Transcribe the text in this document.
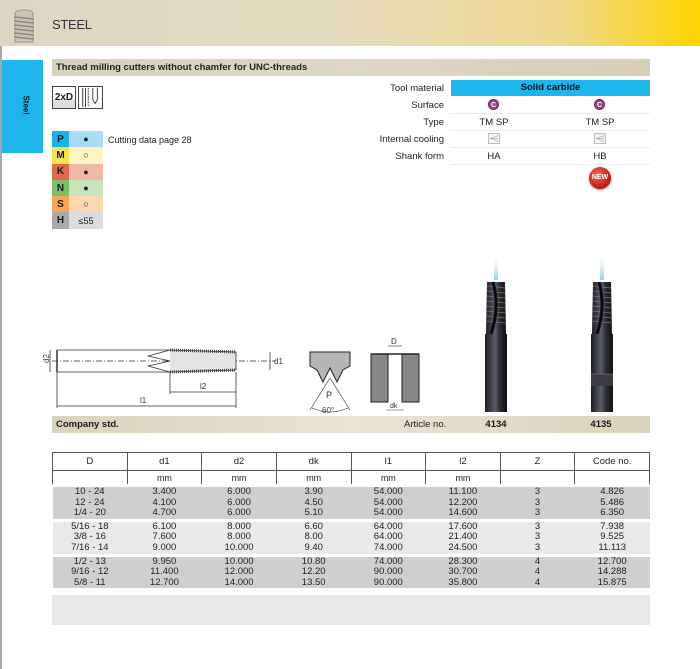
STEEL
Steel
Thread milling cutters without chamfer for UNC-threads
2xD
P	●
M	○
K	●
N	●
S	○
H	≤55
Cutting data page 28
Tool material	Solid carbide
Surface	C	C
Type	TM SP	TM SP
Internal cooling
Shank form	HA	HB
NEW
d2	d1
l2
l1
P
60°
D
dk
Company std.	Article no.	4134	4135
D	d1	d2	dk	l1	l2	Z	Code no.
	mm	mm	mm	mm	mm		
10 - 24	3.400	6.000	3.90	54.000	11.100	3	4.826
12 - 24	4.100	6.000	4.50	54.000	12.200	3	5.486
1/4 - 20	4.700	6.000	5.10	54.000	14.600	3	6.350
5/16 - 18	6.100	8.000	6.60	64.000	17.600	3	7.938
3/8 - 16	7.600	8.000	8.00	64.000	21.400	3	9.525
7/16 - 14	9.000	10.000	9.40	74.000	24.500	3	11.113
1/2 - 13	9.950	10.000	10.80	74.000	28.300	4	12.700
9/16 - 12	11.400	12.000	12.20	90.000	30.700	4	14.288
5/8 - 11	12.700	14.000	13.50	90.000	35.800	4	15.875
